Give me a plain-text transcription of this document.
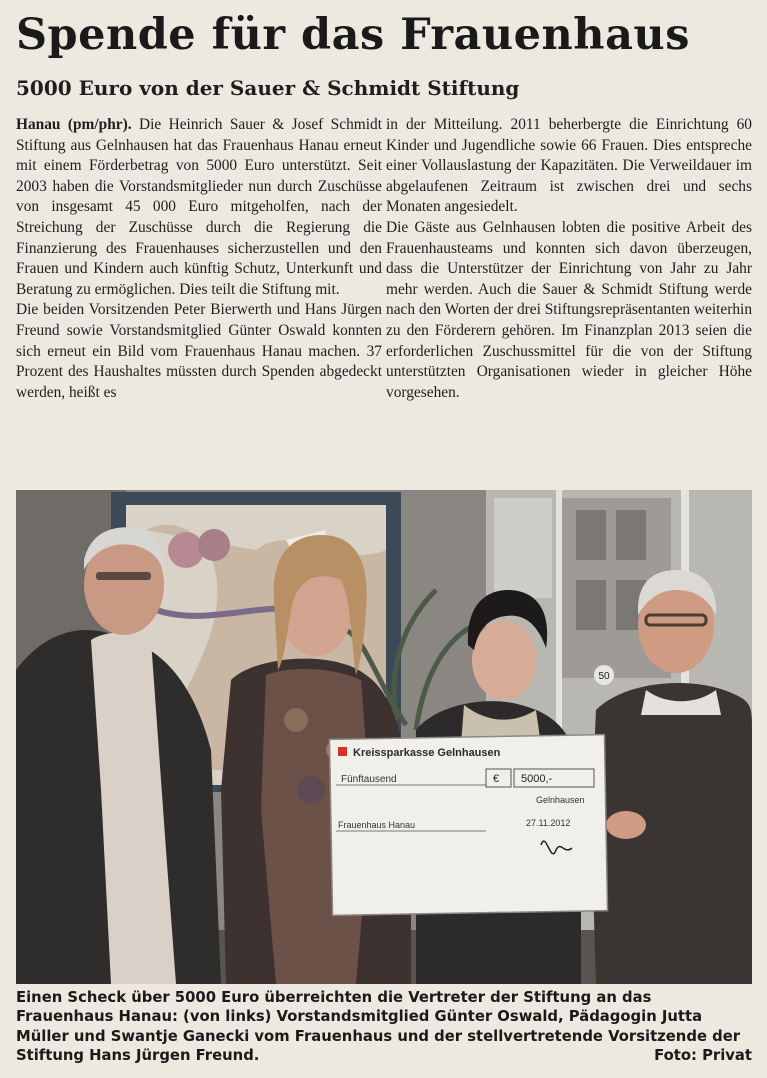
Spende für das Frauenhaus
5000 Euro von der Sauer & Schmidt Stiftung

Hanau (pm/phr). Die Heinrich Sauer & Josef Schmidt Stiftung aus Gelnhausen hat das Frauenhaus Hanau erneut mit einem Förderbetrag von 5000 Euro unterstützt. Seit 2003 haben die Vorstandsmitglieder nun durch Zuschüsse von insgesamt 45 000 Euro mitgeholfen, nach der Streichung der Zuschüsse durch die Regierung die Finanzierung des Frauenhauses sicherzustellen und den Frauen und Kindern auch künftig Schutz, Unterkunft und Beratung zu ermöglichen. Dies teilt die Stiftung mit.

Die beiden Vorsitzenden Peter Bierwerth und Hans Jürgen Freund sowie Vorstandsmitglied Günter Oswald konnten sich erneut ein Bild vom Frauenhaus Hanau machen. 37 Prozent des Haushaltes müssten durch Spenden abgedeckt werden, heißt es

in der Mitteilung. 2011 beherbergte die Einrichtung 60 Kinder und Jugendliche sowie 66 Frauen. Dies entspreche einer Vollauslastung der Kapazitäten. Die Verweildauer im abgelaufenen Zeitraum ist zwischen drei und sechs Monaten angesiedelt.

Die Gäste aus Gelnhausen lobten die positive Arbeit des Frauenhausteams und konnten sich davon überzeugen, dass die Unterstützer der Einrichtung von Jahr zu Jahr mehr werden. Auch die Sauer & Schmidt Stiftung werde nach den Worten der drei Stiftungsrepräsentanten weiterhin zu den Förderern gehören. Im Finanzplan 2013 seien die erforderlichen Zuschussmittel für die von der Stiftung unterstützten Organisationen wieder in gleicher Höhe vorgesehen.

50
Kreissparkasse Gelnhausen
Fünftausend	€ 5000,-
Gelnhausen
Frauenhaus Hanau	27.11.2012

Einen Scheck über 5000 Euro überreichten die Vertreter der Stiftung an das Frauenhaus Hanau: (von links) Vorstandsmitglied Günter Oswald, Pädagogin Jutta Müller und Swantje Ganecki vom Frauenhaus und der stellvertretende Vorsitzende der Stiftung Hans Jürgen Freund.	Foto: Privat
